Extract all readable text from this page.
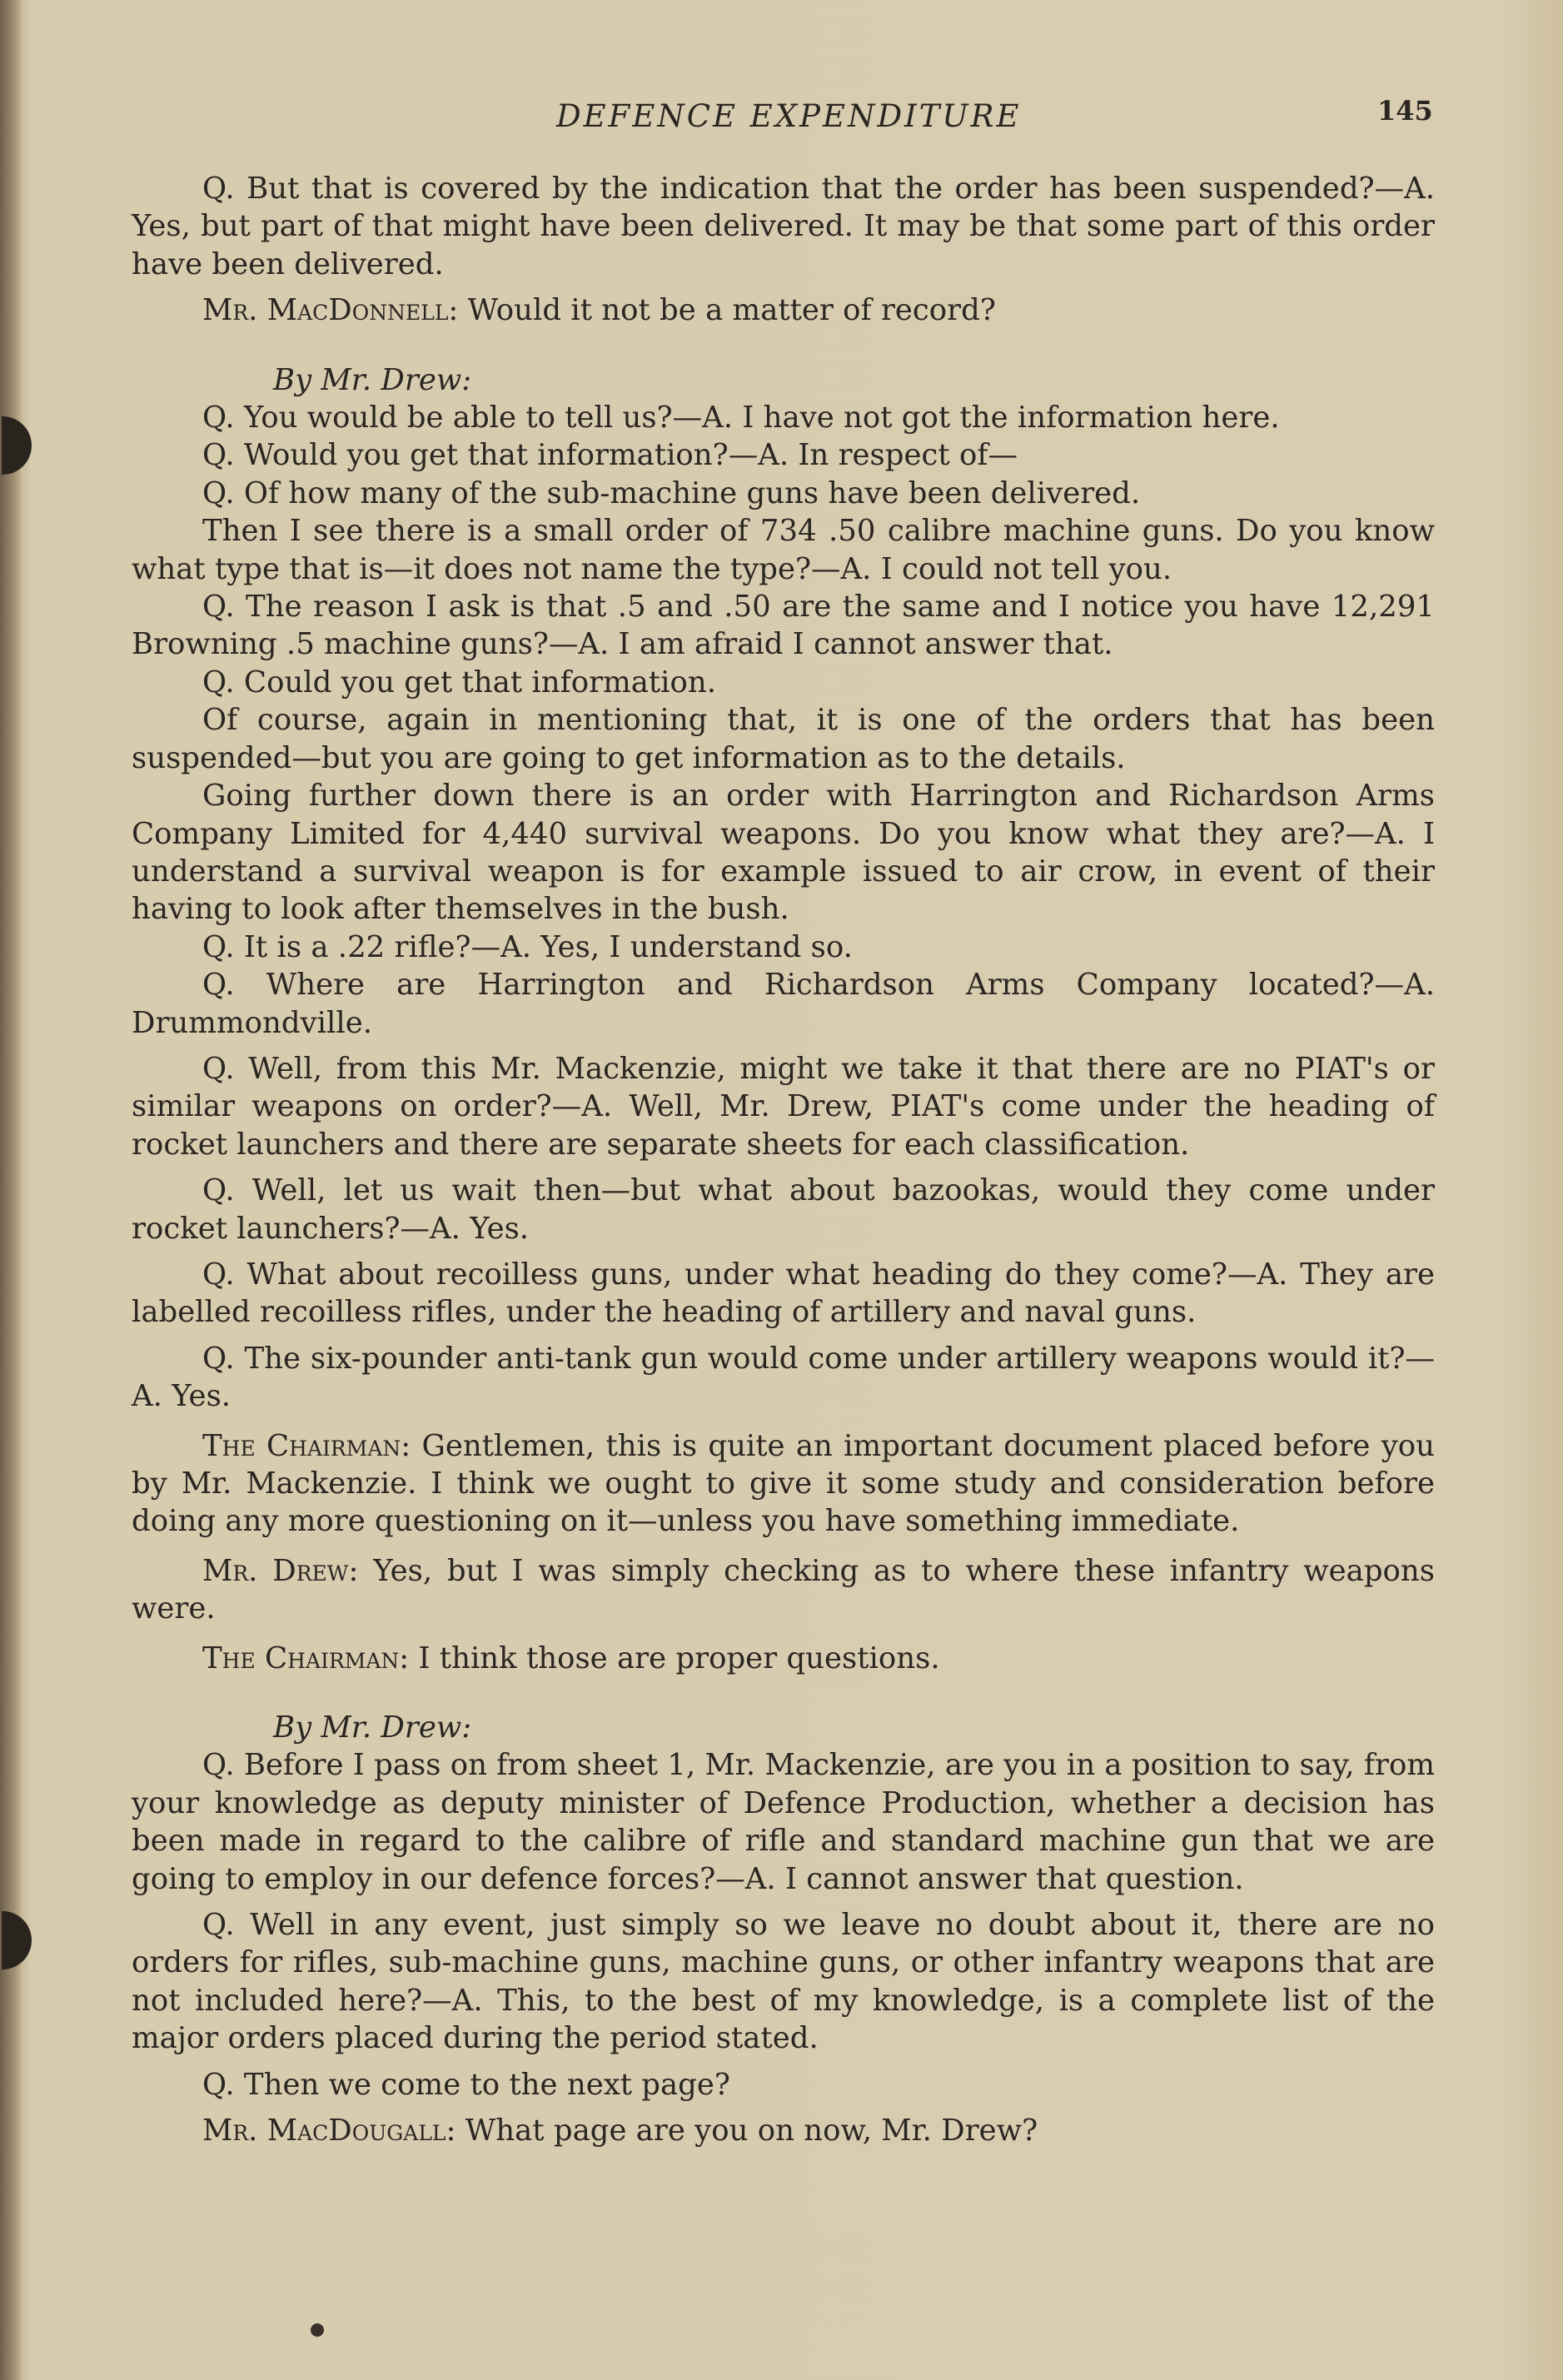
DEFENCE EXPENDITURE	145

Q. But that is covered by the indication that the order has been suspended?—A. Yes, but part of that might have been delivered. It may be that some part of this order have been delivered.

Mr. MacDonnell: Would it not be a matter of record?

By Mr. Drew:

Q. You would be able to tell us?—A. I have not got the information here.

Q. Would you get that information?—A. In respect of—

Q. Of how many of the sub-machine guns have been delivered.

Then I see there is a small order of 734 .50 calibre machine guns. Do you know what type that is—it does not name the type?—A. I could not tell you.

Q. The reason I ask is that .5 and .50 are the same and I notice you have 12,291 Browning .5 machine guns?—A. I am afraid I cannot answer that.

Q. Could you get that information.

Of course, again in mentioning that, it is one of the orders that has been suspended—but you are going to get information as to the details.

Going further down there is an order with Harrington and Richardson Arms Company Limited for 4,440 survival weapons. Do you know what they are?—A. I understand a survival weapon is for example issued to air crow, in event of their having to look after themselves in the bush.

Q. It is a .22 rifle?—A. Yes, I understand so.

Q. Where are Harrington and Richardson Arms Company located?—A. Drummondville.

Q. Well, from this Mr. Mackenzie, might we take it that there are no PIAT's or similar weapons on order?—A. Well, Mr. Drew, PIAT's come under the heading of rocket launchers and there are separate sheets for each classification.

Q. Well, let us wait then—but what about bazookas, would they come under rocket launchers?—A. Yes.

Q. What about recoilless guns, under what heading do they come?—A. They are labelled recoilless rifles, under the heading of artillery and naval guns.

Q. The six-pounder anti-tank gun would come under artillery weapons would it?—A. Yes.

The Chairman: Gentlemen, this is quite an important document placed before you by Mr. Mackenzie. I think we ought to give it some study and consideration before doing any more questioning on it—unless you have something immediate.

Mr. Drew: Yes, but I was simply checking as to where these infantry weapons were.

The Chairman: I think those are proper questions.

By Mr. Drew:

Q. Before I pass on from sheet 1, Mr. Mackenzie, are you in a position to say, from your knowledge as deputy minister of Defence Production, whether a decision has been made in regard to the calibre of rifle and standard machine gun that we are going to employ in our defence forces?—A. I cannot answer that question.

Q. Well in any event, just simply so we leave no doubt about it, there are no orders for rifles, sub-machine guns, machine guns, or other infantry weapons that are not included here?—A. This, to the best of my knowledge, is a complete list of the major orders placed during the period stated.

Q. Then we come to the next page?

Mr. MacDougall: What page are you on now, Mr. Drew?
